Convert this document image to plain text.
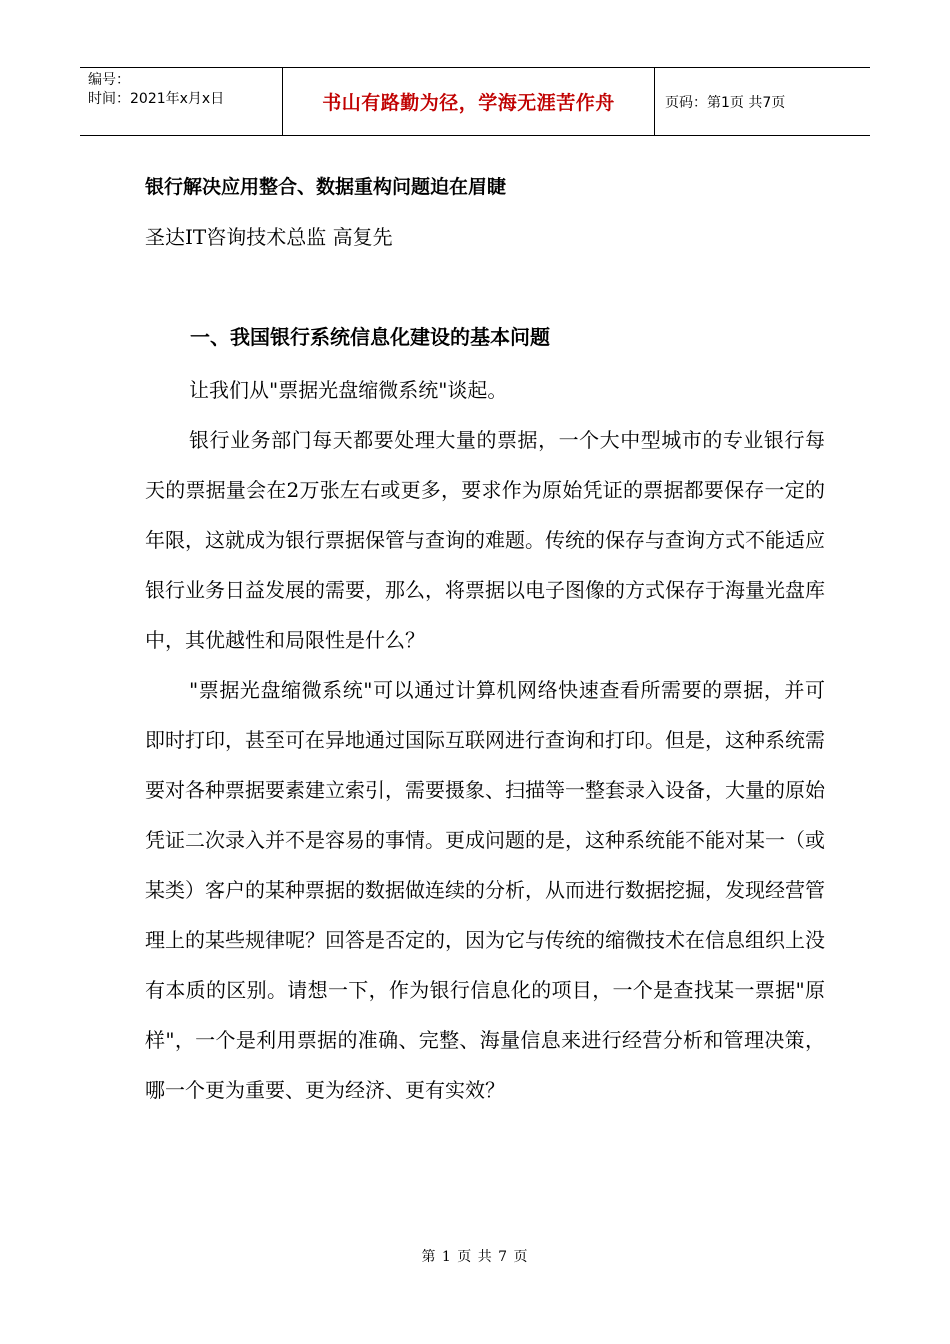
编号：
时间：2021年x月x日	书山有路勤为径，学海无涯苦作舟	页码：第1页 共7页
银行解决应用整合、数据重构问题迫在眉睫
圣达IT咨询技术总监 高复先
一、我国银行系统信息化建设的基本问题

让我们从"票据光盘缩微系统"谈起。

银行业务部门每天都要处理大量的票据，一个大中型城市的专业银行每天的票据量会在2万张左右或更多，要求作为原始凭证的票据都要保存一定的年限，这就成为银行票据保管与查询的难题。传统的保存与查询方式不能适应银行业务日益发展的需要，那么，将票据以电子图像的方式保存于海量光盘库中，其优越性和局限性是什么？

"票据光盘缩微系统"可以通过计算机网络快速查看所需要的票据，并可即时打印，甚至可在异地通过国际互联网进行查询和打印。但是，这种系统需要对各种票据要素建立索引，需要摄象、扫描等一整套录入设备，大量的原始凭证二次录入并不是容易的事情。更成问题的是，这种系统能不能对某一（或某类）客户的某种票据的数据做连续的分析，从而进行数据挖掘，发现经营管理上的某些规律呢？回答是否定的，因为它与传统的缩微技术在信息组织上没有本质的区别。请想一下，作为银行信息化的项目，一个是查找某一票据"原样"，一个是利用票据的准确、完整、海量信息来进行经营分析和管理决策，哪一个更为重要、更为经济、更有实效？

第 1 页 共 7 页
